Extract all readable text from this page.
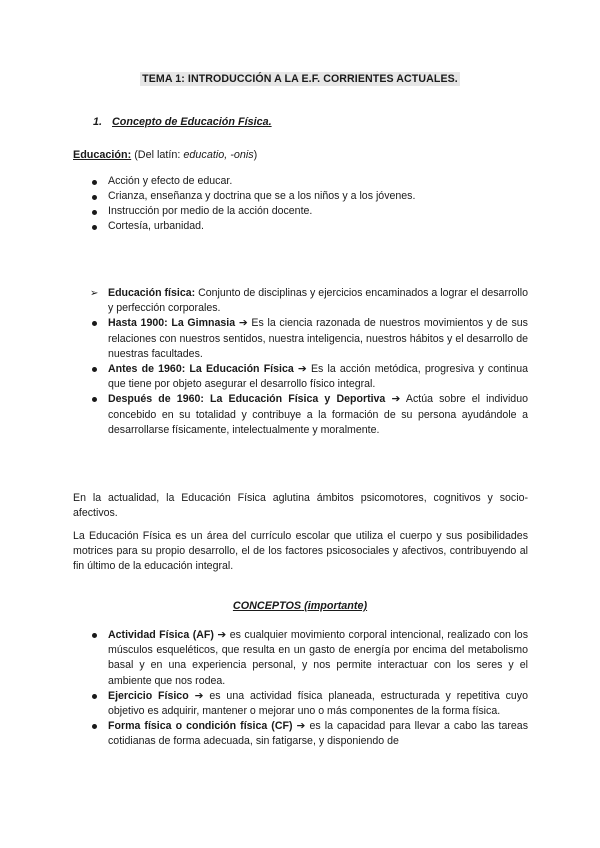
TEMA 1: INTRODUCCIÓN A LA E.F. CORRIENTES ACTUALES.
1. Concepto de Educación Física.
Educación: (Del latín: educatio, -onis)
Acción y efecto de educar.
Crianza, enseñanza y doctrina que se a los niños y a los jóvenes.
Instrucción por medio de la acción docente.
Cortesía, urbanidad.
➢ Educación física: Conjunto de disciplinas y ejercicios encaminados a lograr el desarrollo y perfección corporales.
Hasta 1900: La Gimnasia ➔ Es la ciencia razonada de nuestros movimientos y de sus relaciones con nuestros sentidos, nuestra inteligencia, nuestros hábitos y el desarrollo de nuestras facultades.
Antes de 1960: La Educación Física ➔ Es la acción metódica, progresiva y continua que tiene por objeto asegurar el desarrollo físico integral.
Después de 1960: La Educación Física y Deportiva ➔ Actúa sobre el individuo concebido en su totalidad y contribuye a la formación de su persona ayudándole a desarrollarse físicamente, intelectualmente y moralmente.
En la actualidad, la Educación Física aglutina ámbitos psicomotores, cognitivos y socio-afectivos.
La Educación Física es un área del currículo escolar que utiliza el cuerpo y sus posibilidades motrices para su propio desarrollo, el de los factores psicosociales y afectivos, contribuyendo al fin último de la educación integral.
CONCEPTOS (importante)
Actividad Física (AF) ➔ es cualquier movimiento corporal intencional, realizado con los músculos esqueléticos, que resulta en un gasto de energía por encima del metabolismo basal y en una experiencia personal, y nos permite interactuar con los seres y el ambiente que nos rodea.
Ejercicio Físico ➔ es una actividad física planeada, estructurada y repetitiva cuyo objetivo es adquirir, mantener o mejorar uno o más componentes de la forma física.
Forma física o condición física (CF) ➔ es la capacidad para llevar a cabo las tareas cotidianas de forma adecuada, sin fatigarse, y disponiendo de
